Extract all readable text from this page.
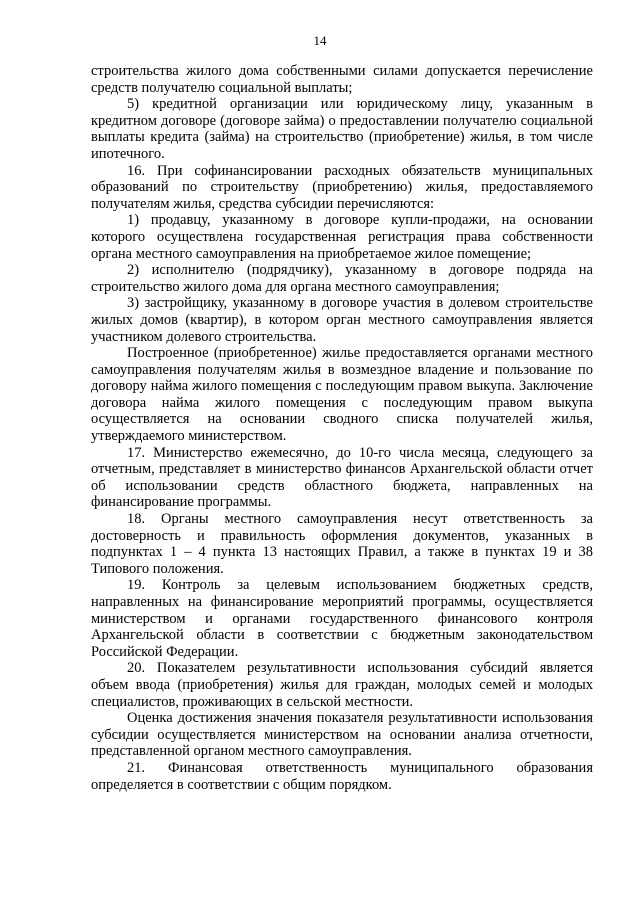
14

строительства жилого дома собственными силами допускается перечисление средств получателю социальной выплаты;

5) кредитной организации или юридическому лицу, указанным в кредитном договоре (договоре займа) о предоставлении получателю социальной выплаты кредита (займа) на строительство (приобретение) жилья, в том числе ипотечного.

16. При софинансировании расходных обязательств муниципальных образований по строительству (приобретению) жилья, предоставляемого получателям жилья, средства субсидии перечисляются:

1) продавцу, указанному в договоре купли-продажи, на основании которого осуществлена государственная регистрация права собственности органа местного самоуправления на приобретаемое жилое помещение;

2) исполнителю (подрядчику), указанному в договоре подряда на строительство жилого дома для органа местного самоуправления;

3) застройщику, указанному в договоре участия в долевом строительстве жилых домов (квартир), в котором орган местного самоуправления является участником долевого строительства.

Построенное (приобретенное) жилье предоставляется органами местного самоуправления получателям жилья в возмездное владение и пользование по договору найма жилого помещения с последующим правом выкупа. Заключение договора найма жилого помещения с последующим правом выкупа осуществляется на основании сводного списка получателей жилья, утверждаемого министерством.

17. Министерство ежемесячно, до 10-го числа месяца, следующего за отчетным, представляет в министерство финансов Архангельской области отчет об использовании средств областного бюджета, направленных на финансирование программы.

18. Органы местного самоуправления несут ответственность за достоверность и правильность оформления документов, указанных в подпунктах 1 – 4 пункта 13 настоящих Правил, а также в пунктах 19 и 38 Типового положения.

19. Контроль за целевым использованием бюджетных средств, направленных на финансирование мероприятий программы, осуществляется министерством и органами государственного финансового контроля Архангельской области в соответствии с бюджетным законодательством Российской Федерации.

20. Показателем результативности использования субсидий является объем ввода (приобретения) жилья для граждан, молодых семей и молодых специалистов, проживающих в сельской местности.

Оценка достижения значения показателя результативности использования субсидии осуществляется министерством на основании анализа отчетности, представленной органом местного самоуправления.

21. Финансовая ответственность муниципального образования определяется в соответствии с общим порядком.
